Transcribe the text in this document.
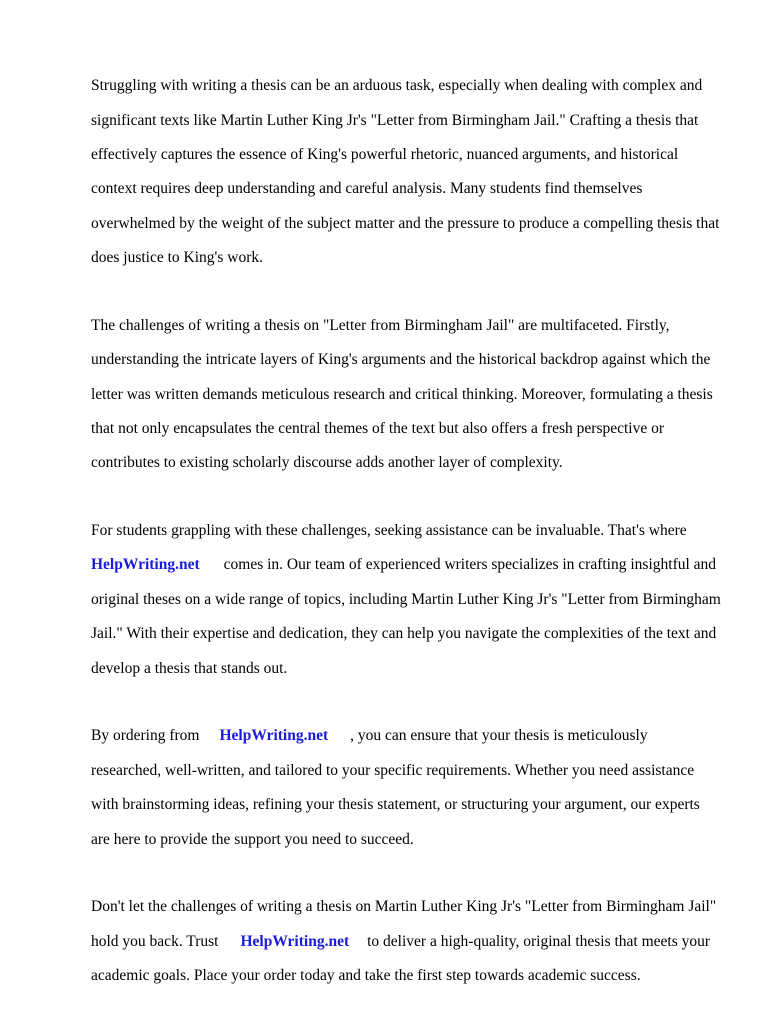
Struggling with writing a thesis can be an arduous task, especially when dealing with complex and

significant texts like Martin Luther King Jr's "Letter from Birmingham Jail." Crafting a thesis that

effectively captures the essence of King's powerful rhetoric, nuanced arguments, and historical

context requires deep understanding and careful analysis. Many students find themselves

overwhelmed by the weight of the subject matter and the pressure to produce a compelling thesis that

does justice to King's work.

The challenges of writing a thesis on "Letter from Birmingham Jail" are multifaceted. Firstly,

understanding the intricate layers of King's arguments and the historical backdrop against which the

letter was written demands meticulous research and critical thinking. Moreover, formulating a thesis

that not only encapsulates the central themes of the text but also offers a fresh perspective or

contributes to existing scholarly discourse adds another layer of complexity.

For students grappling with these challenges, seeking assistance can be invaluable. That's where

HelpWriting.net comes in. Our team of experienced writers specializes in crafting insightful and

original theses on a wide range of topics, including Martin Luther King Jr's "Letter from Birmingham

Jail." With their expertise and dedication, they can help you navigate the complexities of the text and

develop a thesis that stands out.

By ordering from HelpWriting.net , you can ensure that your thesis is meticulously

researched, well-written, and tailored to your specific requirements. Whether you need assistance

with brainstorming ideas, refining your thesis statement, or structuring your argument, our experts

are here to provide the support you need to succeed.

Don't let the challenges of writing a thesis on Martin Luther King Jr's "Letter from Birmingham Jail"

hold you back. Trust HelpWriting.net to deliver a high-quality, original thesis that meets your

academic goals. Place your order today and take the first step towards academic success.
